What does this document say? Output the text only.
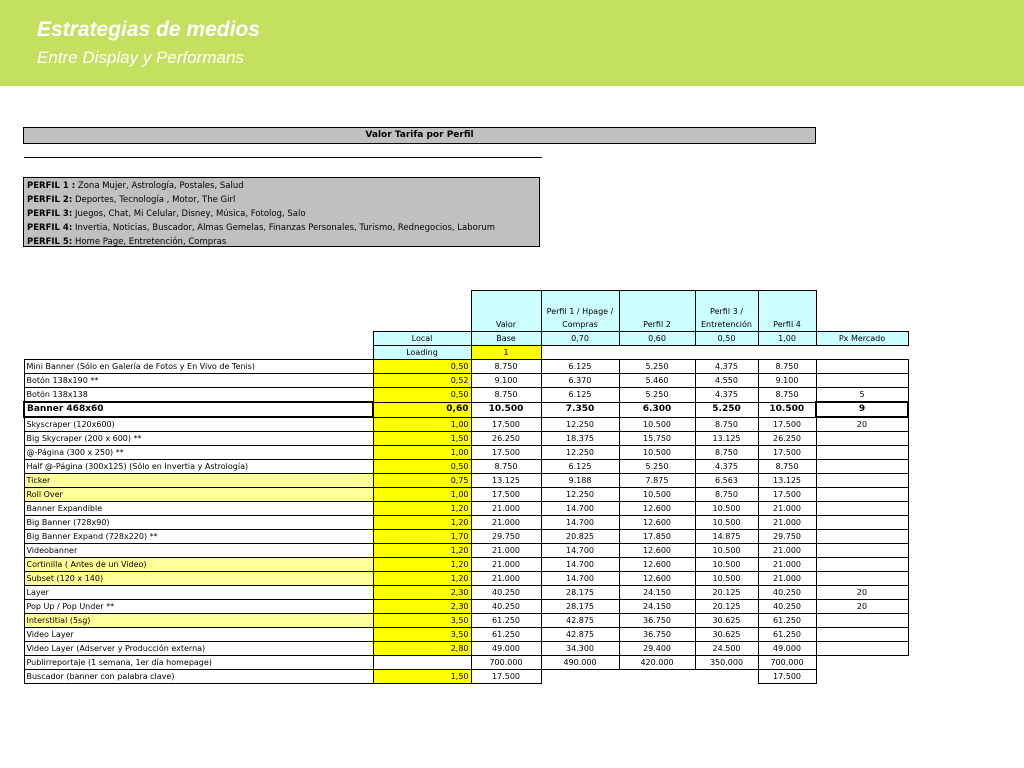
Estrategias de medios
Entre Display y Performans
Valor Tarifa por Perfil
PERFIL 1 : Zona Mujer, Astrología, Postales, Salud
PERFIL 2: Deportes, Tecnología , Motor, The Girl
PERFIL 3: Juegos, Chat, Mi Celular, Disney, Música, Fotolog, Salo
PERFIL 4: Invertia, Noticias, Buscador, Almas Gemelas, Finanzas Personales, Turismo, Rednegocios, Laborum
PERFIL 5: Home Page, Entretención, Compras
		Valor	Perfil 1 / Hpage / Compras	Perfil 2	Perfil 3 / Entretención	Perfil 4	
	Local	Base	0,70	0,60	0,50	1,00	Px Mercado
	Loading	1					
Mini Banner (Sólo en Galería de Fotos y En Vivo de Tenis)	0,50	8.750	6.125	5.250	4.375	8.750	
Botón 138x190 **	0,52	9.100	6.370	5.460	4.550	9.100	
Botón 138x138	0,50	8.750	6.125	5.250	4.375	8.750	5
Banner 468x60	0,60	10.500	7.350	6.300	5.250	10.500	9
Skyscraper (120x600)	1,00	17.500	12.250	10.500	8.750	17.500	20
Big Skycraper (200 x 600) **	1,50	26.250	18.375	15.750	13.125	26.250	
@-Página (300 x 250) **	1,00	17.500	12.250	10.500	8.750	17.500	
Half @-Página (300x125) (Sólo en Invertia y Astrología)	0,50	8.750	6.125	5.250	4.375	8.750	
Ticker	0,75	13.125	9.188	7.875	6.563	13.125	
Roll Over	1,00	17.500	12.250	10.500	8.750	17.500	
Banner Expandible	1,20	21.000	14.700	12.600	10.500	21.000	
Big Banner (728x90)	1,20	21.000	14.700	12.600	10.500	21.000	
Big Banner Expand (728x220) **	1,70	29.750	20.825	17.850	14.875	29.750	
Videobanner	1,20	21.000	14.700	12.600	10.500	21.000	
Cortinilla ( Antes de un Video)	1,20	21.000	14.700	12.600	10.500	21.000	
Subset (120 x 140)	1,20	21.000	14.700	12.600	10.500	21.000	
Layer	2,30	40.250	28.175	24.150	20.125	40.250	20
Pop Up / Pop Under **	2,30	40.250	28.175	24.150	20.125	40.250	20
Interstitial (5sg)	3,50	61.250	42.875	36.750	30.625	61.250	
Video Layer	3,50	61.250	42.875	36.750	30.625	61.250	
Video Layer (Adserver y Producción externa)	2,80	49.000	34.300	29.400	24.500	49.000	
Publirreportaje (1 semana, 1er día homepage)		700.000	490.000	420.000	350.000	700.000	
Buscador (banner con palabra clave)	1,50	17.500				17.500	
